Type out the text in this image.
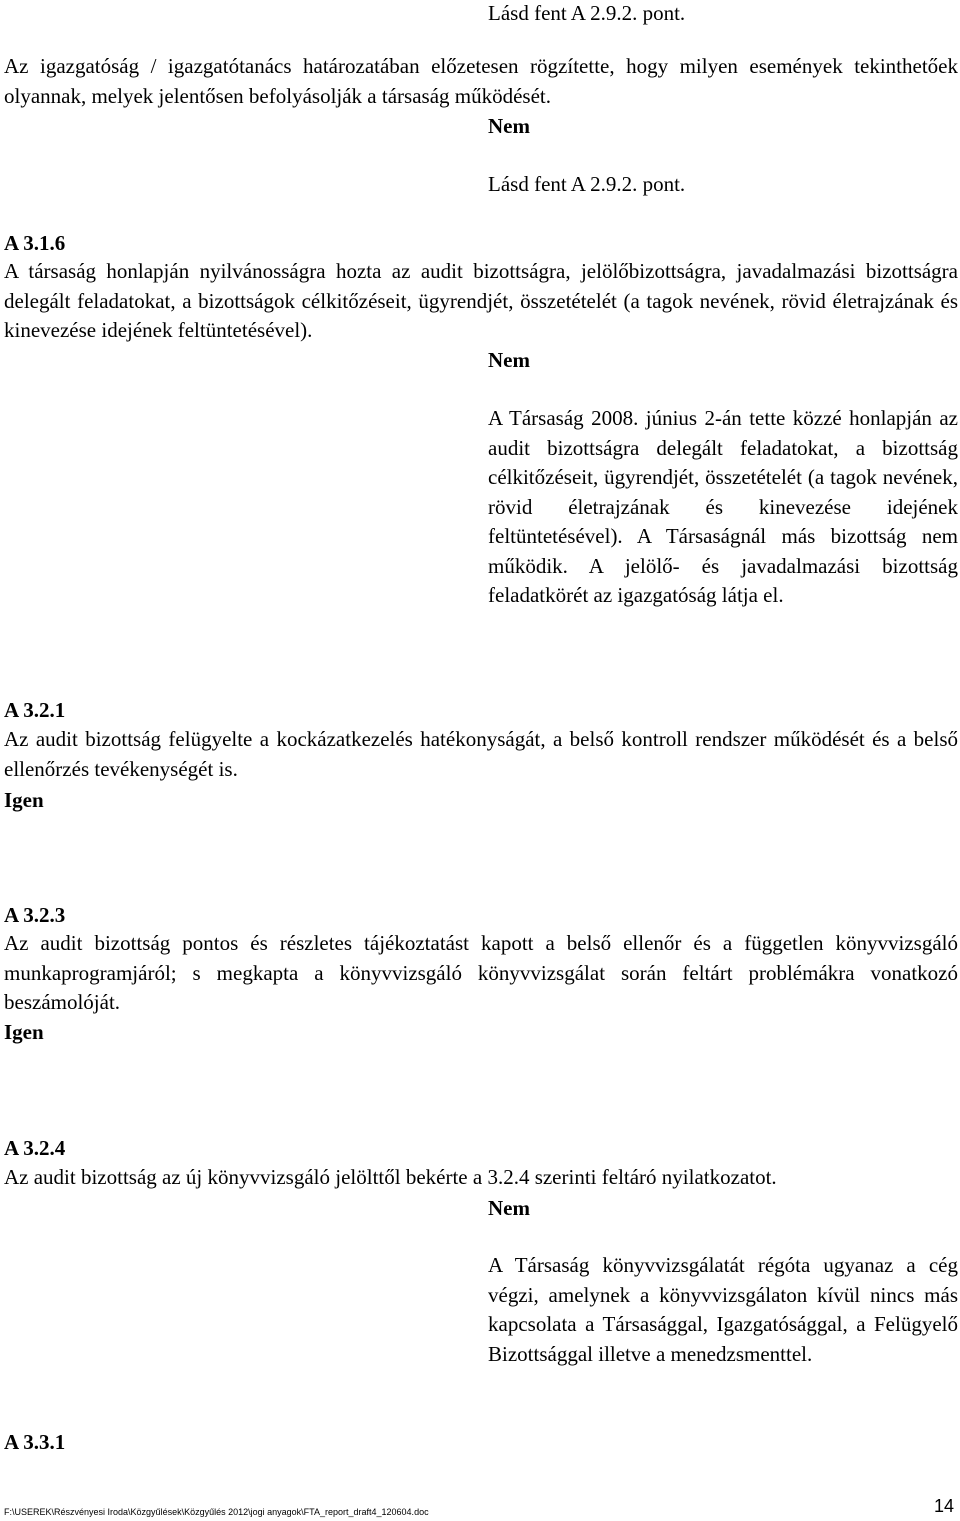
Lásd fent A 2.9.2. pont.
Az igazgatóság / igazgatótanács határozatában előzetesen rögzítette, hogy milyen események tekinthetőek olyannak, melyek jelentősen befolyásolják a társaság működését.
Nem
Lásd fent A 2.9.2. pont.
A 3.1.6
A társaság honlapján nyilvánosságra hozta az audit bizottságra, jelölőbizottságra, javadalmazási bizottságra delegált feladatokat, a bizottságok célkitőzéseit, ügyrendjét, összetételét (a tagok nevének, rövid életrajzának és kinevezése idejének feltüntetésével).
Nem
A Társaság 2008. június 2-án tette közzé honlapján az audit bizottságra delegált feladatokat, a bizottság célkitőzéseit, ügyrendjét, összetételét (a tagok nevének, rövid életrajzának és kinevezése idejének feltüntetésével). A Társaságnál más bizottság nem működik. A jelölő- és javadalmazási bizottság feladatkörét az igazgatóság látja el.
A 3.2.1
Az audit bizottság felügyelte a kockázatkezelés hatékonyságát, a belső kontroll rendszer működését és a belső ellenőrzés tevékenységét is.
Igen
A 3.2.3
Az audit bizottság pontos és részletes tájékoztatást kapott a belső ellenőr és a független könyvvizsgáló munkaprogramjáról; s megkapta a könyvvizsgáló könyvvizsgálat során feltárt problémákra vonatkozó beszámolóját.
Igen
A 3.2.4
Az audit bizottság az új könyvvizsgáló jelölttől bekérte a 3.2.4 szerinti feltáró nyilatkozatot.
Nem
A Társaság könyvvizsgálatát régóta ugyanaz a cég végzi, amelynek a könyvvizsgálaton kívül nincs más kapcsolata a Társasággal, Igazgatósággal, a Felügyelő Bizottsággal illetve a menedzsmenttel.
A 3.3.1
F:\USEREK\Részvényesi Iroda\Közgyűlések\Közgyűlés 2012\jogi anyagok\FTA_report_draft4_120604.doc	14
